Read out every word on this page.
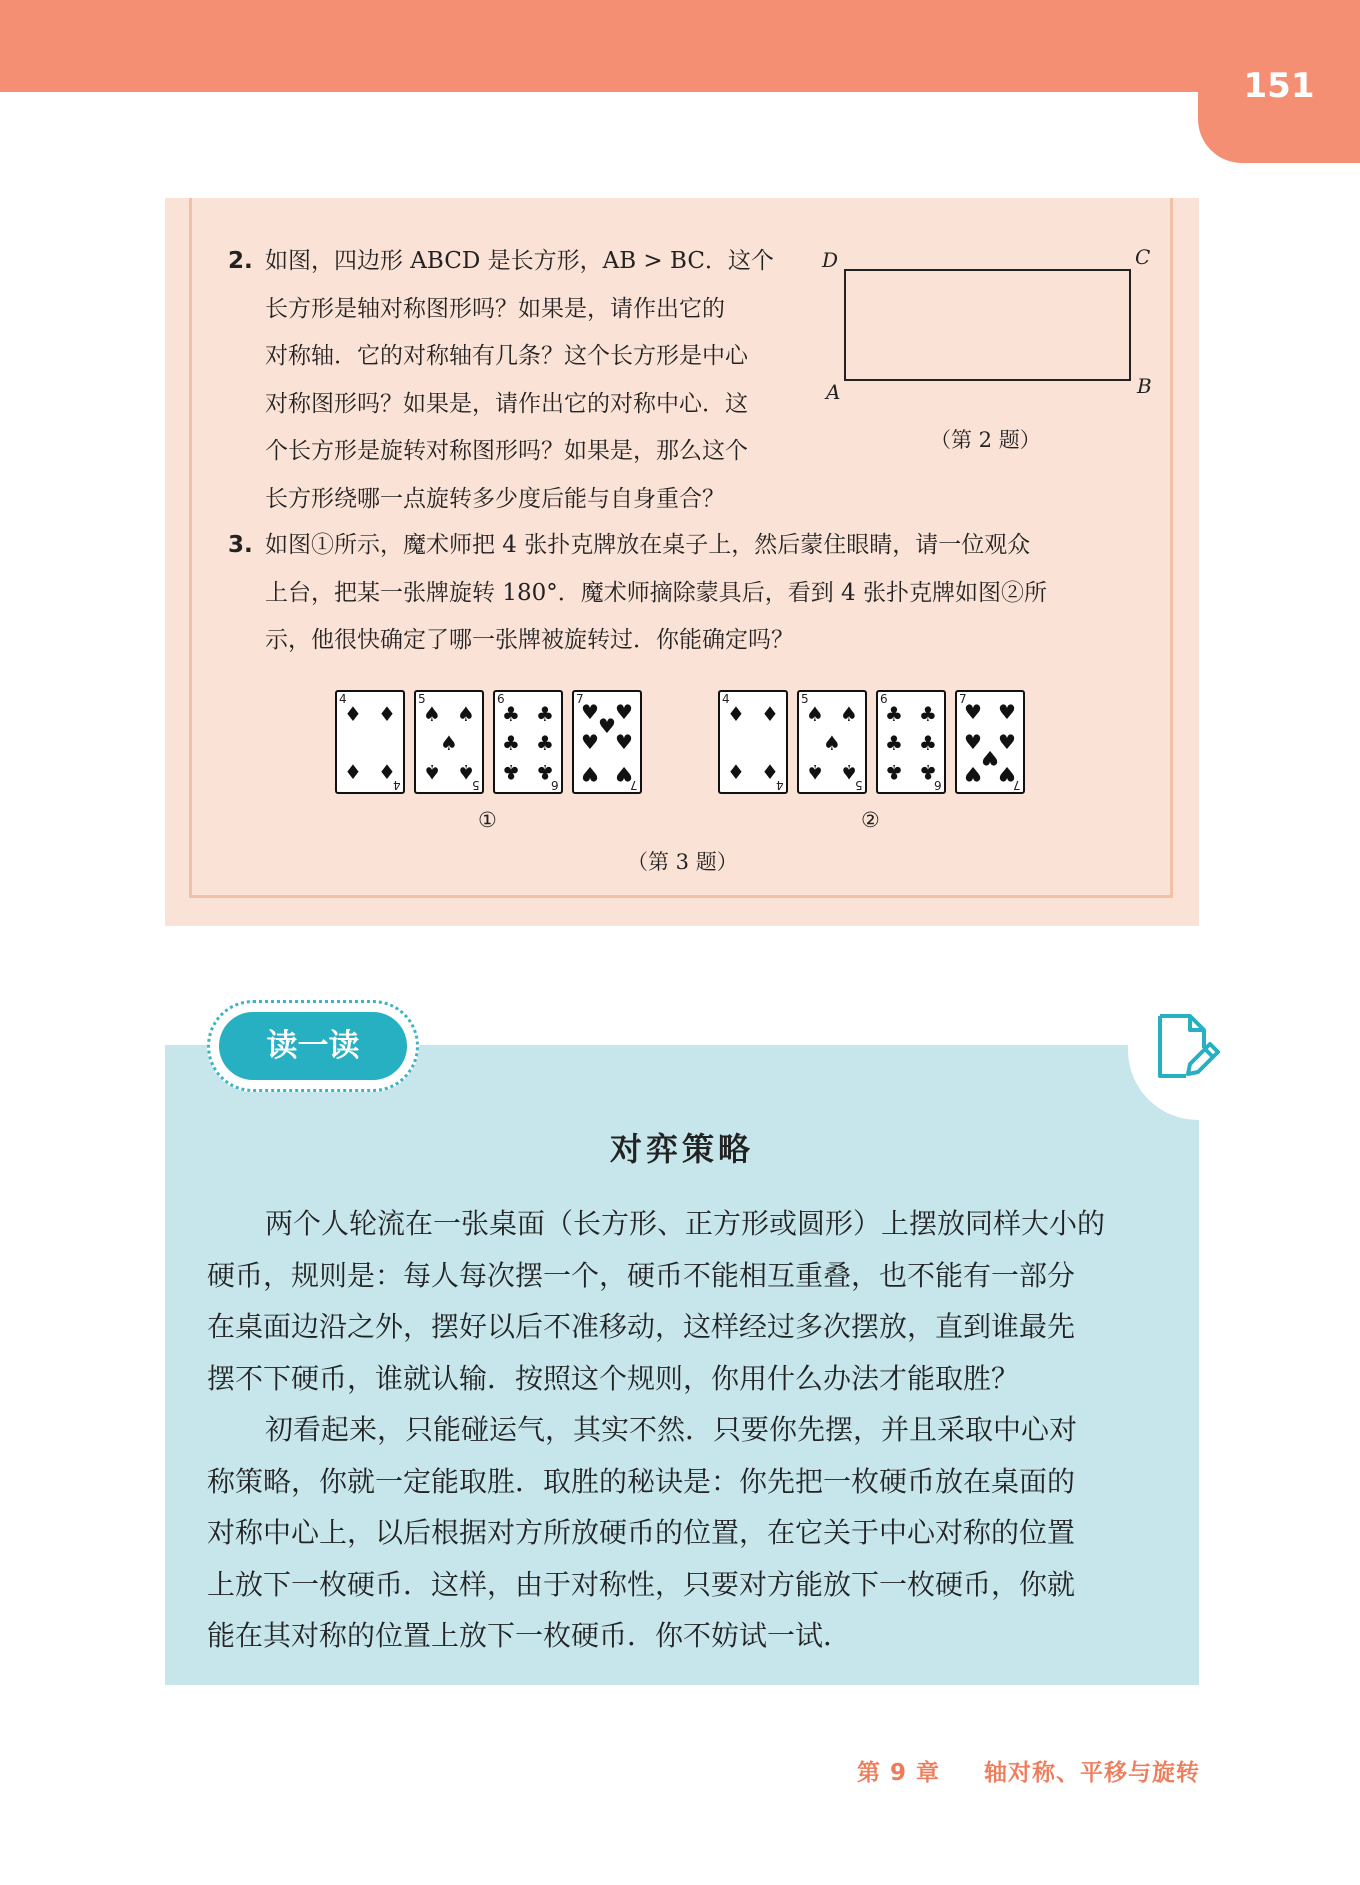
151
2. 如图，四边形 ABCD 是长方形，AB > BC．这个
长方形是轴对称图形吗？如果是，请作出它的
对称轴．它的对称轴有几条？这个长方形是中心
对称图形吗？如果是，请作出它的对称中心．这
个长方形是旋转对称图形吗？如果是，那么这个
长方形绕哪一点旋转多少度后能与自身重合？
D	C
A	B
（第 2 题）
3. 如图①所示，魔术师把 4 张扑克牌放在桌子上，然后蒙住眼睛，请一位观众
上台，把某一张牌旋转 180°．魔术师摘除蒙具后，看到 4 张扑克牌如图②所
示，他很快确定了哪一张牌被旋转过．你能确定吗？
4
4
♦ ♦
♦ ♦
5
5
♠ ♠
♠
♠ ♠
6
6
♣ ♣
♣ ♣
♣ ♣
7
7
♥ ♥
♥
♥ ♥
♥ ♥
①
4
4
♦ ♦
♦ ♦
5
5
♠ ♠
♠
♠ ♠
6
6
♣ ♣
♣ ♣
♣ ♣
7
7
♥ ♥
♥ ♥
♥
♥ ♥
②
（第 3 题）
读一读
对弈策略
两个人轮流在一张桌面（长方形、正方形或圆形）上摆放同样大小的
硬币，规则是：每人每次摆一个，硬币不能相互重叠，也不能有一部分
在桌面边沿之外，摆好以后不准移动，这样经过多次摆放，直到谁最先
摆不下硬币，谁就认输．按照这个规则，你用什么办法才能取胜？
初看起来，只能碰运气，其实不然．只要你先摆，并且采取中心对
称策略，你就一定能取胜．取胜的秘诀是：你先把一枚硬币放在桌面的
对称中心上，以后根据对方所放硬币的位置，在它关于中心对称的位置
上放下一枚硬币．这样，由于对称性，只要对方能放下一枚硬币，你就
能在其对称的位置上放下一枚硬币．你不妨试一试．
第 9 章 轴对称、平移与旋转
